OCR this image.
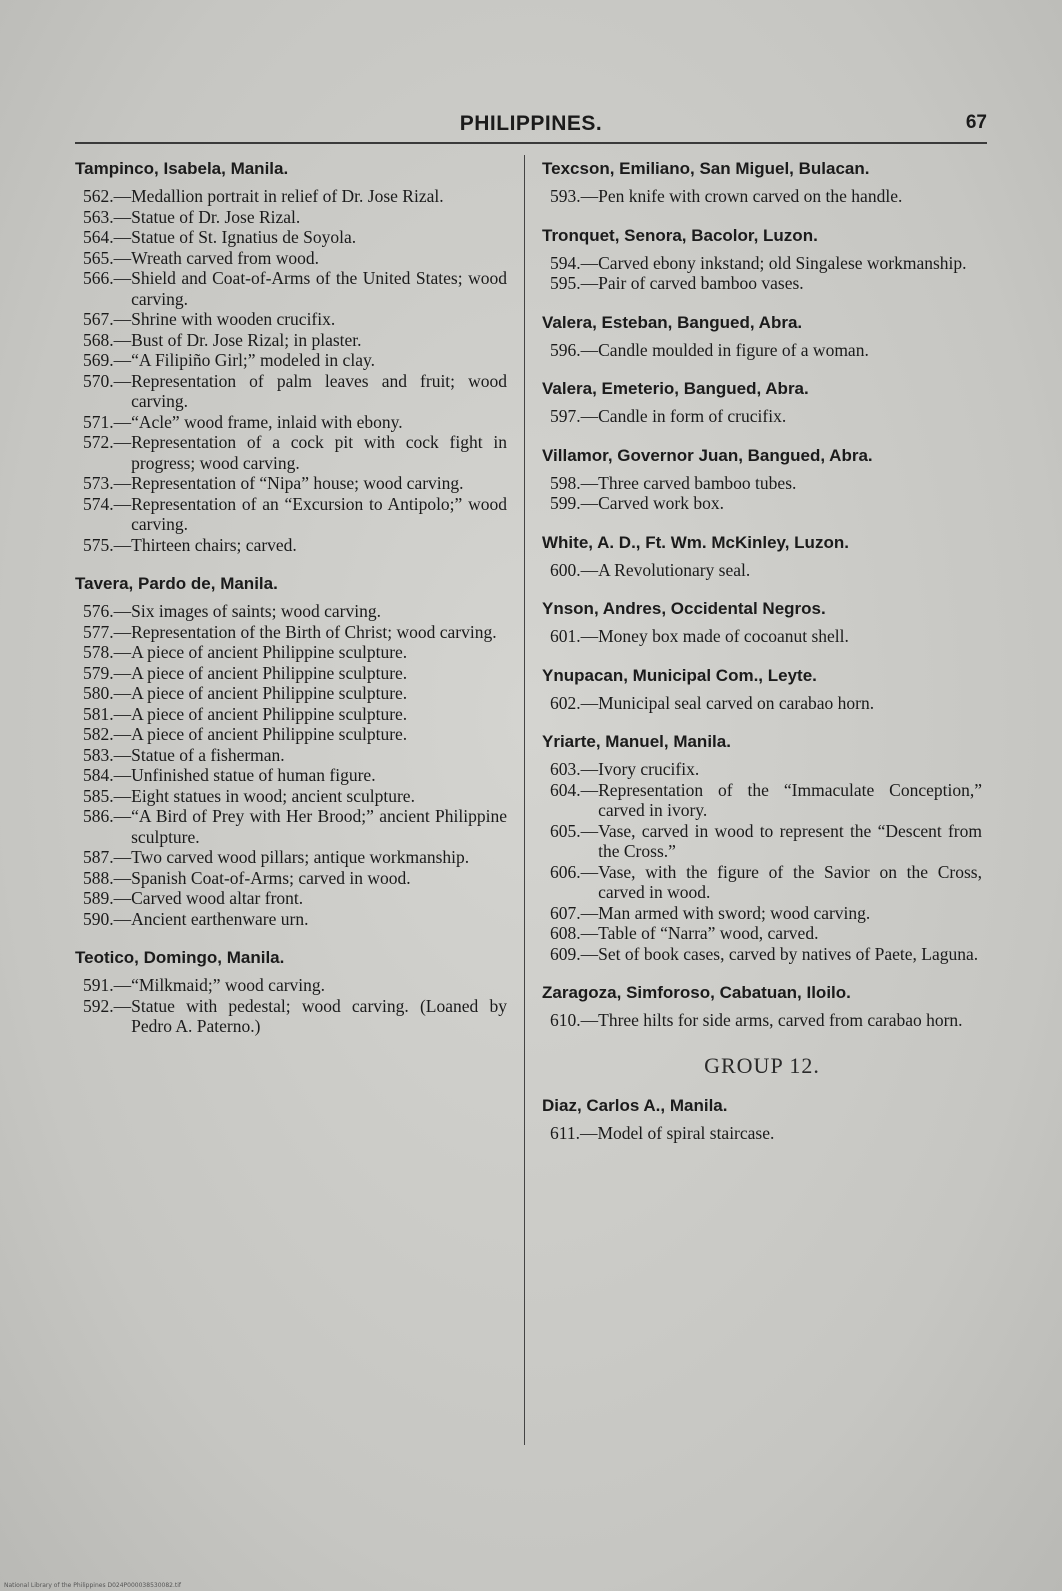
PHILIPPINES.	67

Tampinco, Isabela, Manila.

562. — Medallion portrait in relief of Dr. Jose Rizal.
563. — Statue of Dr. Jose Rizal.
564. — Statue of St. Ignatius de Soyola.
565. — Wreath carved from wood.
566. — Shield and Coat-of-Arms of the United States; wood carving.
567. — Shrine with wooden crucifix.
568. — Bust of Dr. Jose Rizal; in plaster.
569. — “A Filipiño Girl;” modeled in clay.
570. — Representation of palm leaves and fruit; wood carving.
571. — “Acle” wood frame, inlaid with ebony.
572. — Representation of a cock pit with cock fight in progress; wood carving.
573. — Representation of “Nipa” house; wood carving.
574. — Representation of an “Excursion to Antipolo;” wood carving.
575. — Thirteen chairs; carved.

Tavera, Pardo de, Manila.

576. — Six images of saints; wood carving.
577. — Representation of the Birth of Christ; wood carving.
578. — A piece of ancient Philippine sculpture.
579. — A piece of ancient Philippine sculpture.
580. — A piece of ancient Philippine sculpture.
581. — A piece of ancient Philippine sculpture.
582. — A piece of ancient Philippine sculpture.
583. — Statue of a fisherman.
584. — Unfinished statue of human figure.
585. — Eight statues in wood; ancient sculpture.
586. — “A Bird of Prey with Her Brood;” ancient Philippine sculpture.
587. — Two carved wood pillars; antique workmanship.
588. — Spanish Coat-of-Arms; carved in wood.
589. — Carved wood altar front.
590. — Ancient earthenware urn.

Teotico, Domingo, Manila.

591. — “Milkmaid;” wood carving.
592. — Statue with pedestal; wood carving. (Loaned by Pedro A. Paterno.)

Texcson, Emiliano, San Miguel, Bulacan.

593. — Pen knife with crown carved on the handle.

Tronquet, Senora, Bacolor, Luzon.

594. — Carved ebony inkstand; old Singalese workmanship.
595. — Pair of carved bamboo vases.

Valera, Esteban, Bangued, Abra.

596. — Candle moulded in figure of a woman.

Valera, Emeterio, Bangued, Abra.

597. — Candle in form of crucifix.

Villamor, Governor Juan, Bangued, Abra.

598. — Three carved bamboo tubes.
599. — Carved work box.

White, A. D., Ft. Wm. McKinley, Luzon.

600. — A Revolutionary seal.

Ynson, Andres, Occidental Negros.

601. — Money box made of cocoanut shell.

Ynupacan, Municipal Com., Leyte.

602. — Municipal seal carved on carabao horn.

Yriarte, Manuel, Manila.

603. — Ivory crucifix.
604. — Representation of the “Immaculate Conception,” carved in ivory.
605. — Vase, carved in wood to represent the “Descent from the Cross.”
606. — Vase, with the figure of the Savior on the Cross, carved in wood.
607. — Man armed with sword; wood carving.
608. — Table of “Narra” wood, carved.
609. — Set of book cases, carved by natives of Paete, Laguna.

Zaragoza, Simforoso, Cabatuan, Iloilo.

610. — Three hilts for side arms, carved from carabao horn.
GROUP 12.

Diaz, Carlos A., Manila.

611. — Model of spiral staircase.
National Library of the Philippines D024P000038530082.tif
